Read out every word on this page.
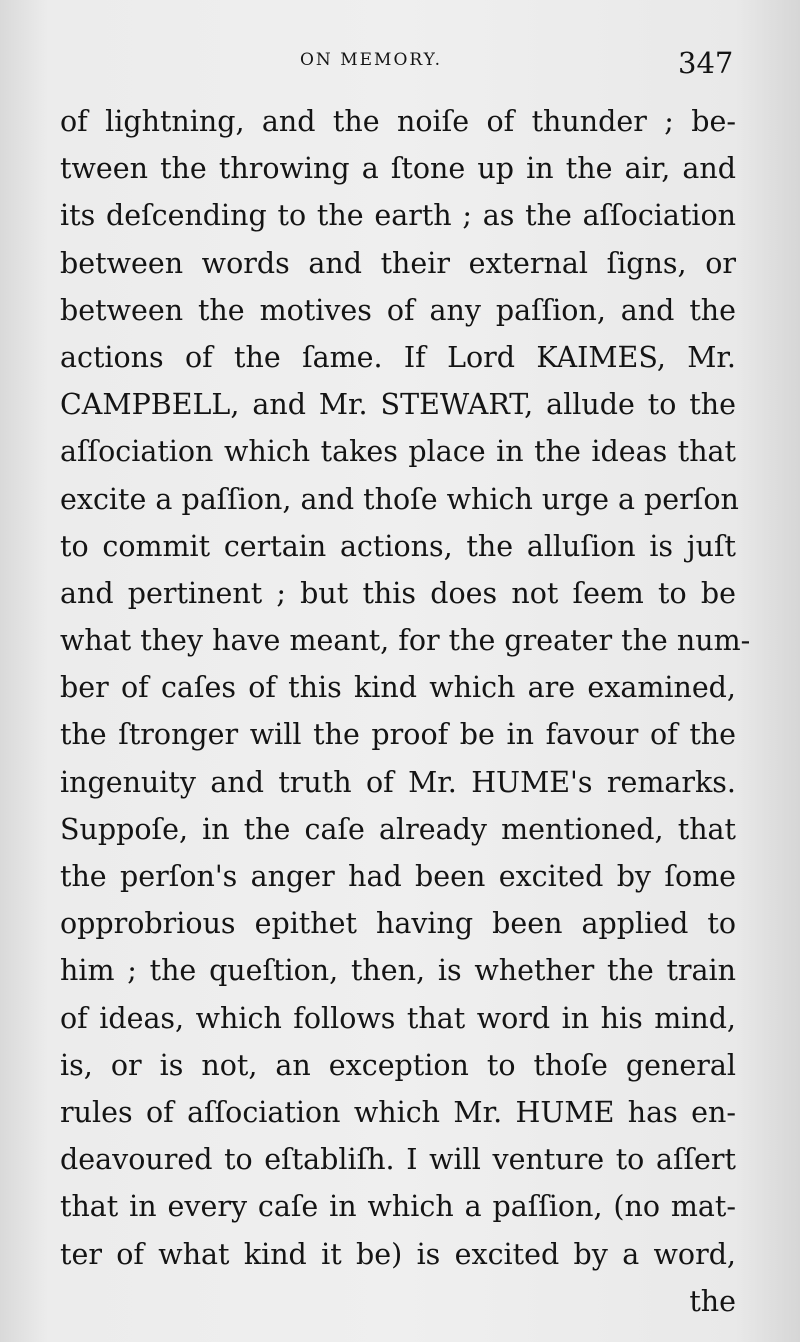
ON MEMORY.	347
of lightning, and the noiſe of thunder ; be-
tween the throwing a ſtone up in the air, and
its deſcending to the earth ; as the aſſociation
between words and their external ſigns, or
between the motives of any paſſion, and the
actions of the ſame. If Lord KAIMES, Mr.
CAMPBELL, and Mr. STEWART, allude to the
aſſociation which takes place in the ideas that
excite a paſſion, and thoſe which urge a perſon
to commit certain actions, the alluſion is juſt
and pertinent ; but this does not ſeem to be
what they have meant, for the greater the num-
ber of caſes of this kind which are examined,
the ſtronger will the proof be in favour of the
ingenuity and truth of Mr. HUME's remarks.
Suppoſe, in the caſe already mentioned, that
the perſon's anger had been excited by ſome
opprobrious epithet having been applied to
him ; the queſtion, then, is whether the train
of ideas, which follows that word in his mind,
is, or is not, an exception to thoſe general
rules of aſſociation which Mr. HUME has en-
deavoured to eſtabliſh. I will venture to aſſert
that in every caſe in which a paſſion, (no mat-
ter of what kind it be) is excited by a word,
the
